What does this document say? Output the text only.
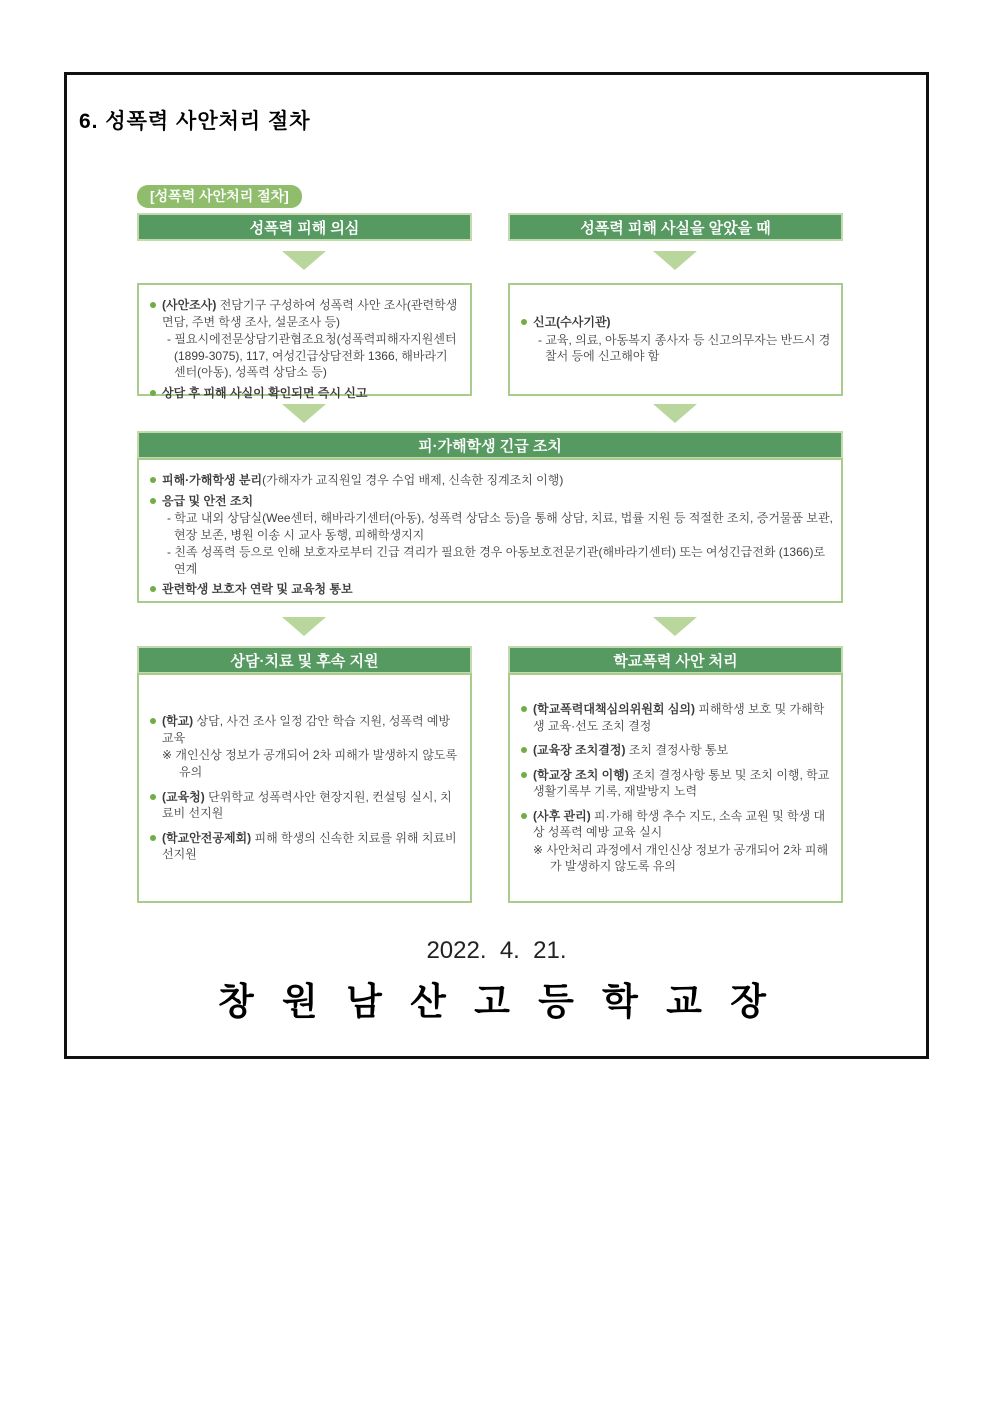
6. 성폭력 사안처리 절차
[성폭력 사안처리 절차]
성폭력 피해 의심	성폭력 피해 사실을 알았을 때
(사안조사) 전담기구 구성하여 성폭력 사안 조사(관련학생 면담, 주변 학생 조사, 설문조사 등)
- 필요시에전문상담기관협조요청(성폭력피해자지원센터 (1899-3075), 117, 여성긴급상담전화 1366, 해바라기 센터(아동), 성폭력 상담소 등)
상담 후 피해 사실이 확인되면 즉시 신고
신고(수사기관)
- 교육, 의료, 아동복지 종사자 등 신고의무자는 반드시 경찰서 등에 신고해야 함
피·가해학생 긴급 조치
피해·가해학생 분리(가해자가 교직원일 경우 수업 배제, 신속한 징계조치 이행)
응급 및 안전 조치
- 학교 내외 상담실(Wee센터, 해바라기센터(아동), 성폭력 상담소 등)을 통해 상담, 치료, 법률 지원 등 적절한 조치, 증거물품 보관, 현장 보존, 병원 이송 시 교사 동행, 피해학생지지
- 친족 성폭력 등으로 인해 보호자로부터 긴급 격리가 필요한 경우 아동보호전문기관(해바라기센터) 또는 여성긴급전화 (1366)로 연계
관련학생 보호자 연락 및 교육청 통보
상담·치료 및 후속 지원	학교폭력 사안 처리
(학교) 상담, 사건 조사 일정 감안 학습 지원, 성폭력 예방 교육
※ 개인신상 정보가 공개되어 2차 피해가 발생하지 않도록 유의
(교육청) 단위학교 성폭력사안 현장지원, 컨설팅 실시, 치료비 선지원
(학교안전공제회) 피해 학생의 신속한 치료를 위해 치료비 선지원
(학교폭력대책심의위원회 심의) 피해학생 보호 및 가해학생 교육·선도 조치 결정
(교육장 조치결정) 조치 결정사항 통보
(학교장 조치 이행) 조치 결정사항 통보 및 조치 이행, 학교생활기록부 기록, 재발방지 노력
(사후 관리) 피·가해 학생 추수 지도, 소속 교원 및 학생 대상 성폭력 예방 교육 실시
※ 사안처리 과정에서 개인신상 정보가 공개되어 2차 피해가 발생하지 않도록 유의
2022.  4.  21.
창 원 남 산 고 등 학 교 장
